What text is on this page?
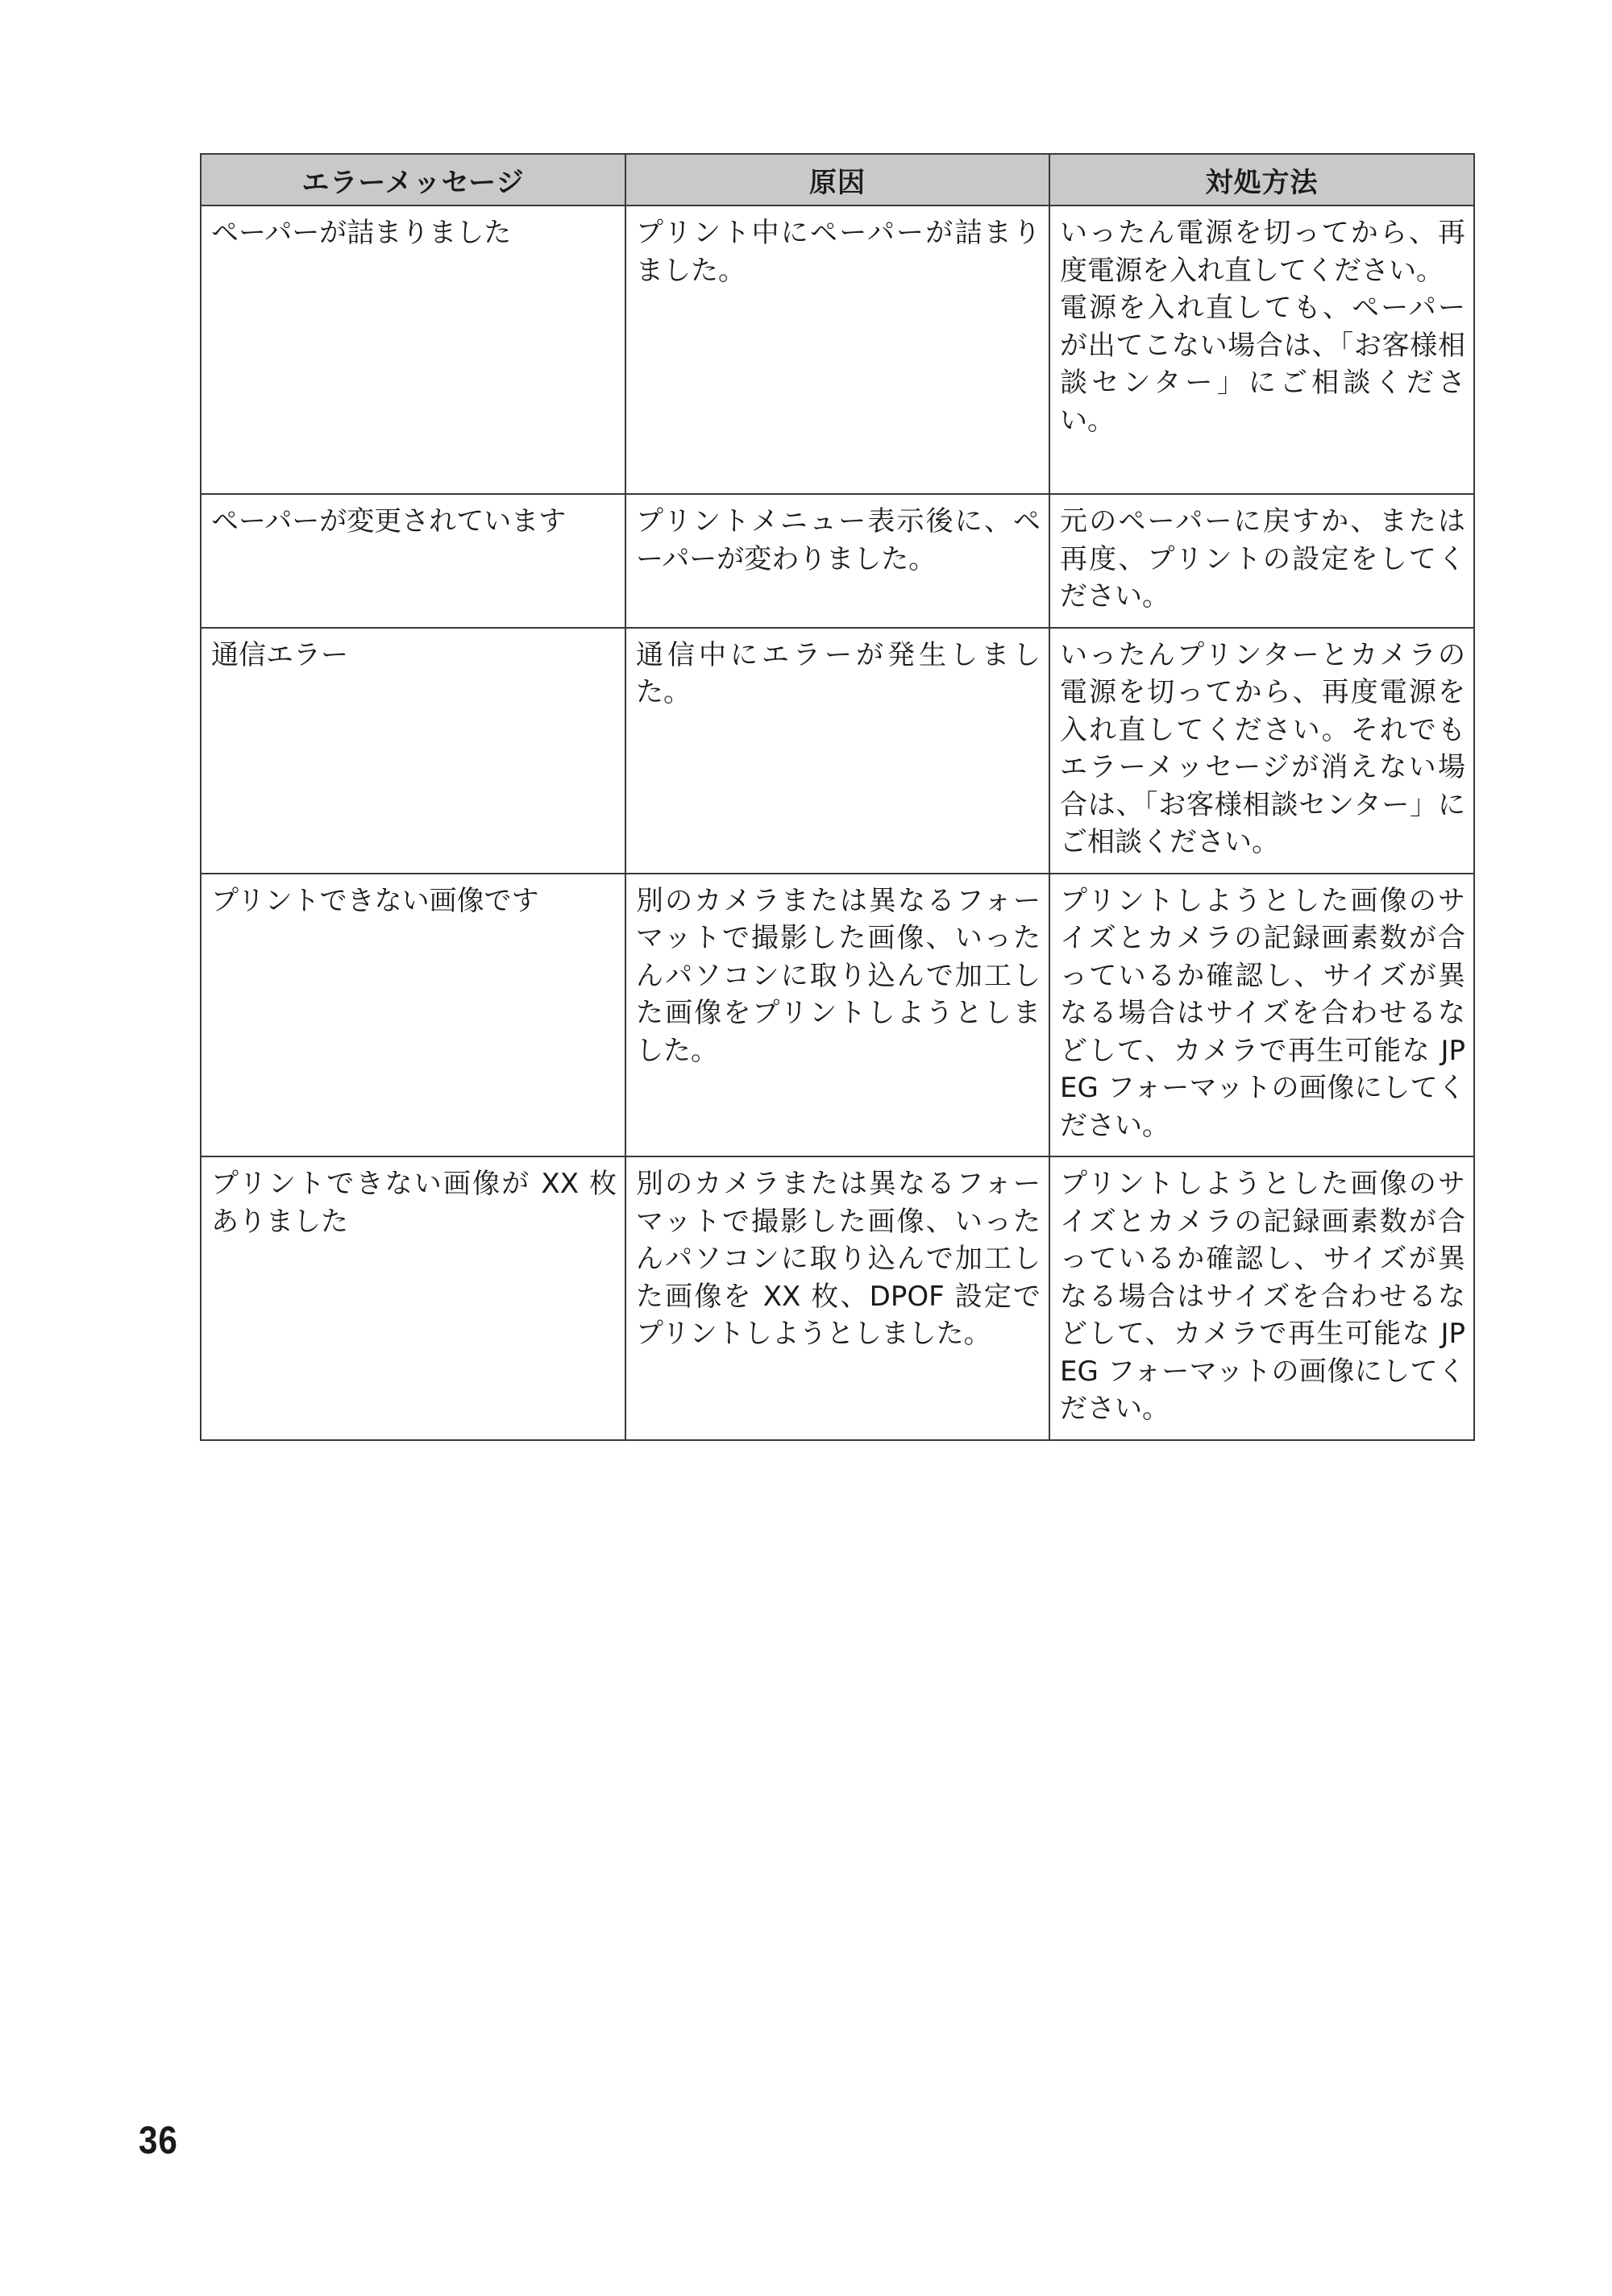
エラーメッセージ	原因	対処方法
ペーパーが詰まりました	プリント中にペーパーが詰まりました。	いったん電源を切ってから、再度電源を入れ直してください。
電源を入れ直しても、ペーパーが出てこない場合は、「お客様相談センター」にご相談ください。

ペーパーが変更されています	プリントメニュー表示後に、ペーパーが変わりました。	元のペーパーに戻すか、または再度、プリントの設定をしてください。

通信エラー	通信中にエラーが発生しました。	いったんプリンターとカメラの電源を切ってから、再度電源を入れ直してください。それでもエラーメッセージが消えない場合は、「お客様相談センター」にご相談ください。

プリントできない画像です	別のカメラまたは異なるフォーマットで撮影した画像、いったんパソコンに取り込んで加工した画像をプリントしようとしました。	プリントしようとした画像のサイズとカメラの記録画素数が合っているか確認し、サイズが異なる場合はサイズを合わせるなどして、カメラで再生可能な JPEG フォーマットの画像にしてください。

プリントできない画像が XX 枚ありました	別のカメラまたは異なるフォーマットで撮影した画像、いったんパソコンに取り込んで加工した画像を XX 枚、DPOF 設定でプリントしようとしました。	プリントしようとした画像のサイズとカメラの記録画素数が合っているか確認し、サイズが異なる場合はサイズを合わせるなどして、カメラで再生可能な JPEG フォーマットの画像にしてください。
36
